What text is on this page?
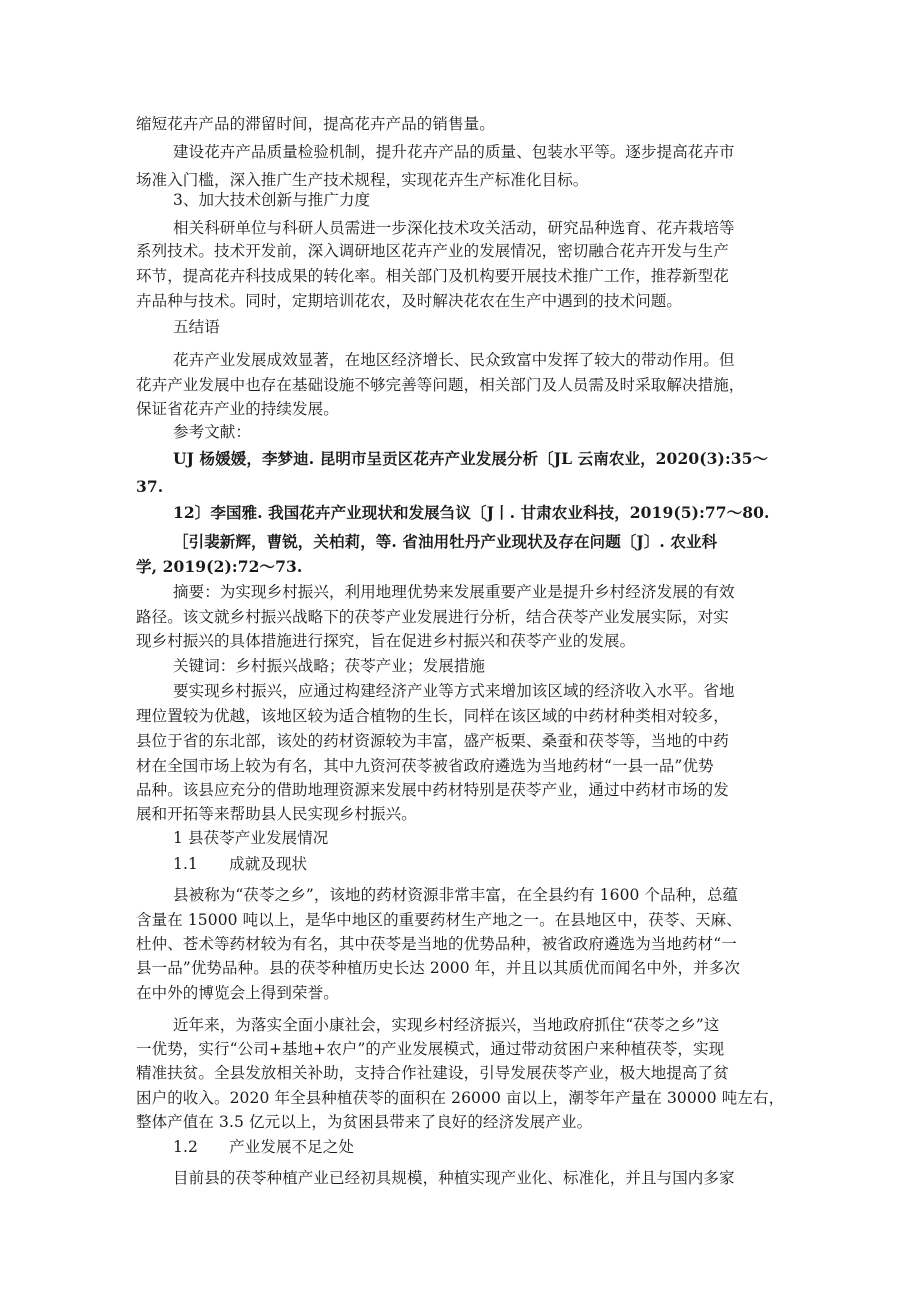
缩短花卉产品的滞留时间，提高花卉产品的销售量。
建设花卉产品质量检验机制，提升花卉产品的质量、包装水平等。逐步提高花卉市
场准入门槛，深入推广生产技术规程，实现花卉生产标准化目标。
3、加大技术创新与推广力度
相关科研单位与科研人员需进一步深化技术攻关活动，研究品种选育、花卉栽培等
系列技术。技术开发前，深入调研地区花卉产业的发展情况，密切融合花卉开发与生产
环节，提高花卉科技成果的转化率。相关部门及机构要开展技术推广工作，推荐新型花
卉品种与技术。同时，定期培训花农，及时解决花农在生产中遇到的技术问题。
五结语
花卉产业发展成效显著，在地区经济增长、民众致富中发挥了较大的带动作用。但
花卉产业发展中也存在基础设施不够完善等问题，相关部门及人员需及时采取解决措施，
保证省花卉产业的持续发展。
参考文献：
UJ 杨媛媛，李梦迪. 昆明市呈贡区花卉产业发展分析〔JL 云南农业，2020(3):35〜
37.
12〕李国雅. 我国花卉产业现状和发展刍议〔J丨. 甘肃农业科技，2019(5):77〜80.
［引裴新辉，曹锐，关柏莉，等. 省油用牡丹产业现状及存在问题〔J〕. 农业科
学, 2019(2):72〜73.
摘要：为实现乡村振兴，利用地理优势来发展重要产业是提升乡村经济发展的有效
路径。该文就乡村振兴战略下的茯苓产业发展进行分析，结合茯苓产业发展实际，对实
现乡村振兴的具体措施进行探究，旨在促进乡村振兴和茯苓产业的发展。
关键词：乡村振兴战略；茯苓产业；发展措施
要实现乡村振兴，应通过构建经济产业等方式来增加该区域的经济收入水平。省地
理位置较为优越，该地区较为适合植物的生长，同样在该区域的中药材种类相对较多，
县位于省的东北部，该处的药材资源较为丰富，盛产板栗、桑蚕和茯苓等，当地的中药
材在全国市场上较为有名，其中九资河茯苓被省政府遴选为当地药材“一县一品”优势
品种。该县应充分的借助地理资源来发展中药材特别是茯苓产业，通过中药材市场的发
展和开拓等来帮助县人民实现乡村振兴。
1 县茯苓产业发展情况
1.1　　成就及现状
县被称为“茯苓之乡”，该地的药材资源非常丰富，在全县约有 1600 个品种，总蕴
含量在 15000 吨以上，是华中地区的重要药材生产地之一。在县地区中，茯苓、天麻、
杜仲、苍术等药材较为有名，其中茯苓是当地的优势品种，被省政府遴选为当地药材“一
县一品”优势品种。县的茯苓种植历史长达 2000 年，并且以其质优而闻名中外，并多次
在中外的博览会上得到荣誉。
近年来，为落实全面小康社会，实现乡村经济振兴，当地政府抓住“茯苓之乡”这
一优势，实行“公司+基地+农户”的产业发展模式，通过带动贫困户来种植茯苓，实现
精准扶贫。全县发放相关补助，支持合作社建设，引导发展茯苓产业，极大地提高了贫
困户的收入。2020 年全县种植茯苓的面积在 26000 亩以上，潮苓年产量在 30000 吨左右，
整体产值在 3.5 亿元以上，为贫困县带来了良好的经济发展产业。
1.2　　产业发展不足之处
目前县的茯苓种植产业已经初具规模，种植实现产业化、标准化，并且与国内多家
